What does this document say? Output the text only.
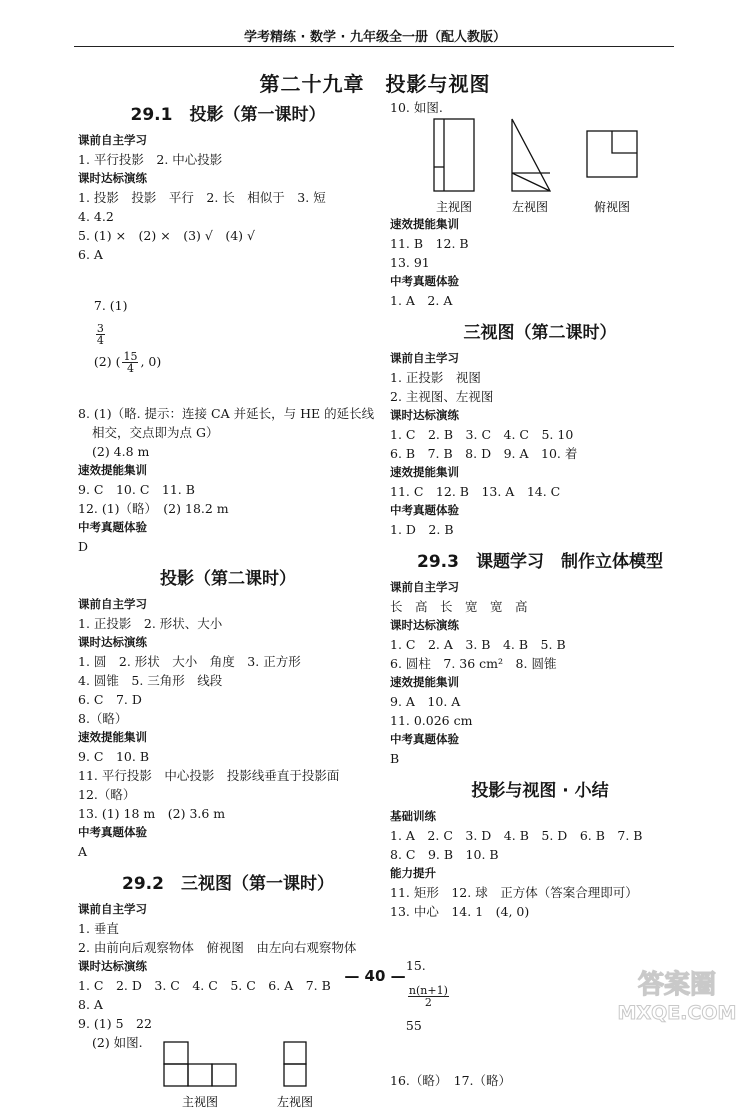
学考精练 · 数学 · 九年级全一册（配人教版）
第二十九章　投影与视图
29.1　投影（第一课时）
课前自主学习
1. 平行投影　2. 中心投影
课时达标演练
1. 投影　投影　平行　2. 长　相似于　3. 短
4. 4.2
5. (1) ×　(2) ×　(3) √　(4) √
6. A

7. (1)

$\frac{3}{4}$

(2) ( $\frac{15}{4}$ , 0)

8. (1)（略. 提示：连接 CA 并延长，与 HE 的延长线相交，交点即为点 G）
(2) 4.8 m
速效提能集训
9. C　10. C　11. B
12. (1)（略）　(2) 18.2 m
中考真题体验
D
投影（第二课时）
课前自主学习
1. 正投影　2. 形状、大小
课时达标演练
1. 圆　2. 形状　大小　角度　3. 正方形
4. 圆锥　5. 三角形　线段
6. C　7. D
8.（略）
速效提能集训
9. C　10. B
11. 平行投影　中心投影　投影线垂直于投影面
12.（略）
13. (1) 18 m　(2) 3.6 m
中考真题体验
A
29.2　三视图（第一课时）
课前自主学习
1. 垂直
2. 由前向后观察物体　俯视图　由左向右观察物体
课时达标演练
1. C　2. D　3. C　4. C　5. C　6. A　7. B
8. A
9. (1) 5　22
(2) 如图.
主视图	左视图
10. 如图.
主视图	左视图	俯视图
速效提能集训
11. B　12. B
13. 91
中考真题体验
1. A　2. A
三视图（第二课时）
课前自主学习
1. 正投影　视图
2. 主视图、左视图
课时达标演练
1. C　2. B　3. C　4. C　5. 10
6. B　7. B　8. D　9. A　10. 着
速效提能集训
11. C　12. B　13. A　14. C
中考真题体验
1. D　2. B
29.3　课题学习　制作立体模型
课前自主学习
长　高　长　宽　宽　高
课时达标演练
1. C　2. A　3. B　4. B　5. B
6. 圆柱　7. 36 cm²　8. 圆锥
速效提能集训
9. A　10. A
11. 0.026 cm
中考真题体验
B
投影与视图 · 小结
基础训练
1. A　2. C　3. D　4. B　5. D　6. B　7. B
8. C　9. B　10. B
能力提升
11. 矩形　12. 球　正方体（答案合理即可）
13. 中心　14. 1　(4, 0)

15.

$\frac{n(n+1)}{2}$

55

16.（略）　17.（略）
— 40 —	答案圈
MXQE.COM
